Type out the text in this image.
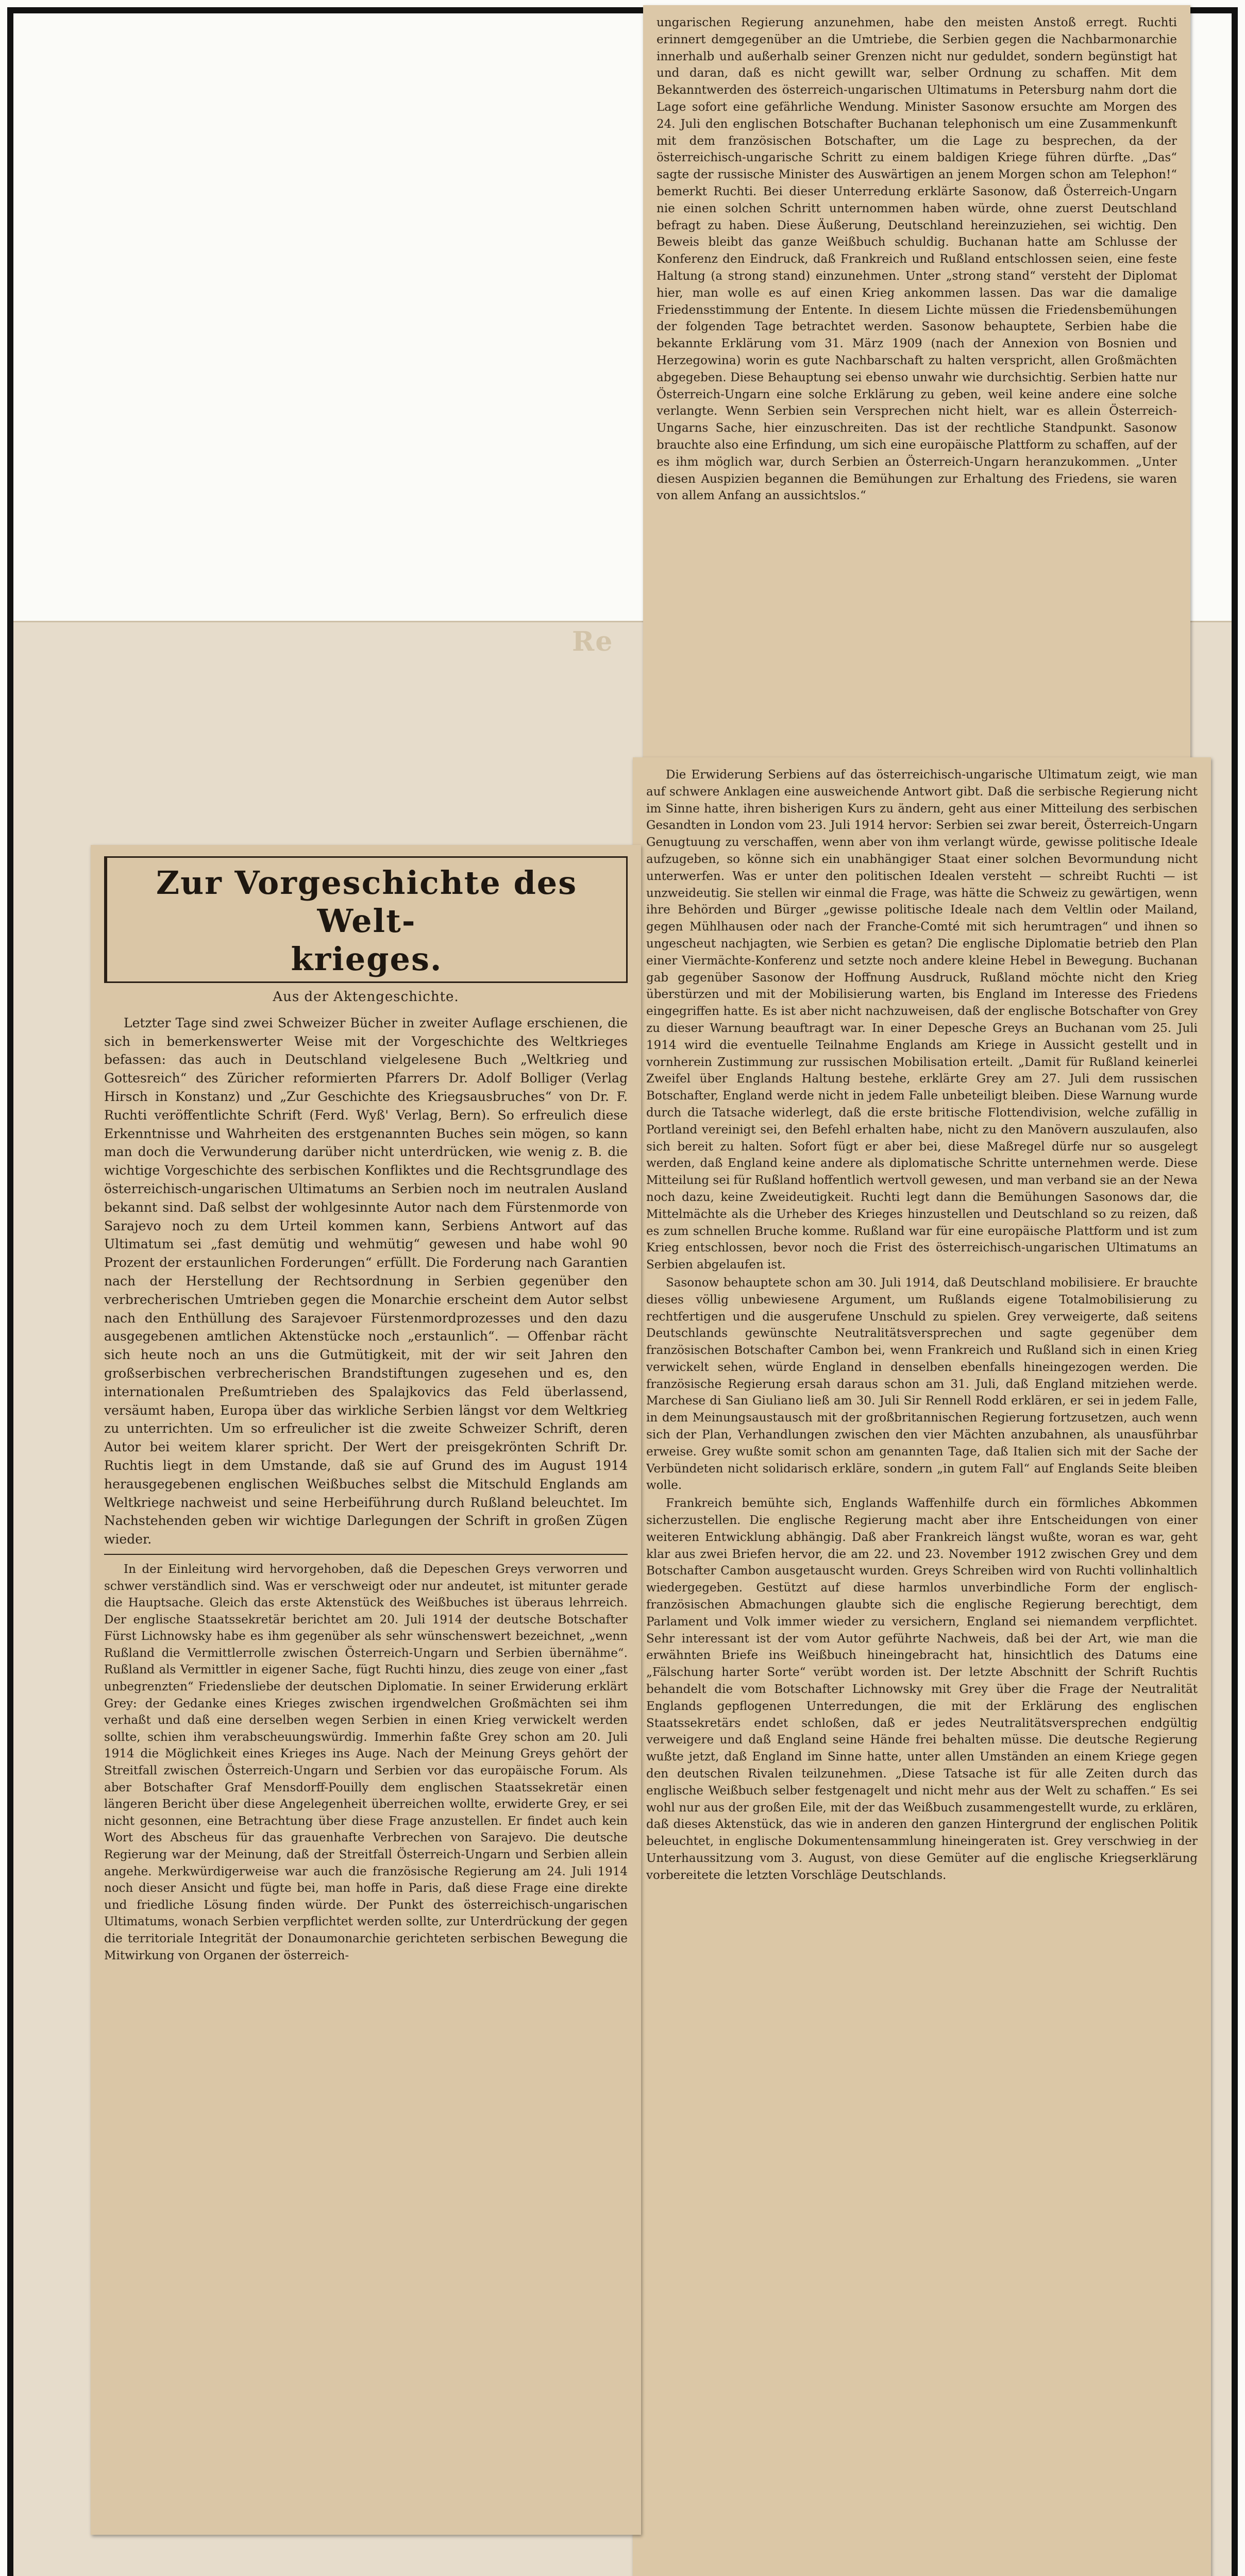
Re

ungarischen Regierung anzunehmen, habe den meisten Anstoß erregt. Ruchti erinnert demgegenüber an die Umtriebe, die Serbien gegen die Nachbarmonarchie innerhalb und außerhalb seiner Grenzen nicht nur geduldet, sondern begünstigt hat und daran, daß es nicht gewillt war, selber Ordnung zu schaffen. Mit dem Bekanntwerden des österreich-ungarischen Ultimatums in Petersburg nahm dort die Lage sofort eine gefährliche Wendung. Minister Sasonow ersuchte am Morgen des 24. Juli den englischen Botschafter Buchanan telephonisch um eine Zusammenkunft mit dem französischen Botschafter, um die Lage zu besprechen, da der österreichisch-ungarische Schritt zu einem baldigen Kriege führen dürfte. „Das“ sagte der russische Minister des Auswärtigen an jenem Morgen schon am Telephon!“ bemerkt Ruchti. Bei dieser Unterredung erklärte Sasonow, daß Österreich-Ungarn nie einen solchen Schritt unternommen haben würde, ohne zuerst Deutschland befragt zu haben. Diese Äußerung, Deutschland hereinzuziehen, sei wichtig. Den Beweis bleibt das ganze Weißbuch schuldig. Buchanan hatte am Schlusse der Konferenz den Eindruck, daß Frankreich und Rußland entschlossen seien, eine feste Haltung (a strong stand) einzunehmen. Unter „strong stand“ versteht der Diplomat hier, man wolle es auf einen Krieg ankommen lassen. Das war die damalige Friedensstimmung der Entente. In diesem Lichte müssen die Friedensbemühungen der folgenden Tage betrachtet werden. Sasonow behauptete, Serbien habe die bekannte Erklärung vom 31. März 1909 (nach der Annexion von Bosnien und Herzegowina) worin es gute Nachbarschaft zu halten verspricht, allen Großmächten abgegeben. Diese Behauptung sei ebenso unwahr wie durchsichtig. Serbien hatte nur Österreich-Ungarn eine solche Erklärung zu geben, weil keine andere eine solche verlangte. Wenn Serbien sein Versprechen nicht hielt, war es allein Österreich-Ungarns Sache, hier einzuschreiten. Das ist der rechtliche Standpunkt. Sasonow brauchte also eine Erfindung, um sich eine europäische Plattform zu schaffen, auf der es ihm möglich war, durch Serbien an Österreich-Ungarn heranzukommen. „Unter diesen Auspizien begannen die Bemühungen zur Erhaltung des Friedens, sie waren von allem Anfang an aussichtslos.“

Die Erwiderung Serbiens auf das österreichisch-ungarische Ultimatum zeigt, wie man auf schwere Anklagen eine ausweichende Antwort gibt. Daß die serbische Regierung nicht im Sinne hatte, ihren bisherigen Kurs zu ändern, geht aus einer Mitteilung des serbischen Gesandten in London vom 23. Juli 1914 hervor: Serbien sei zwar bereit, Österreich-Ungarn Genugtuung zu verschaffen, wenn aber von ihm verlangt würde, gewisse politische Ideale aufzugeben, so könne sich ein unabhängiger Staat einer solchen Bevormundung nicht unterwerfen. Was er unter den politischen Idealen versteht — schreibt Ruchti — ist unzweideutig. Sie stellen wir einmal die Frage, was hätte die Schweiz zu gewärtigen, wenn ihre Behörden und Bürger „gewisse politische Ideale nach dem Veltlin oder Mailand, gegen Mühlhausen oder nach der Franche-Comté mit sich herumtragen“ und ihnen so ungescheut nachjagten, wie Serbien es getan? Die englische Diplomatie betrieb den Plan einer Viermächte-Konferenz und setzte noch andere kleine Hebel in Bewegung. Buchanan gab gegenüber Sasonow der Hoffnung Ausdruck, Rußland möchte nicht den Krieg überstürzen und mit der Mobilisierung warten, bis England im Interesse des Friedens eingegriffen hatte. Es ist aber nicht nachzuweisen, daß der englische Botschafter von Grey zu dieser Warnung beauftragt war. In einer Depesche Greys an Buchanan vom 25. Juli 1914 wird die eventuelle Teilnahme Englands am Kriege in Aussicht gestellt und in vornherein Zustimmung zur russischen Mobilisation erteilt. „Damit für Rußland keinerlei Zweifel über Englands Haltung bestehe, erklärte Grey am 27. Juli dem russischen Botschafter, England werde nicht in jedem Falle unbeteiligt bleiben. Diese Warnung wurde durch die Tatsache widerlegt, daß die erste britische Flottendivision, welche zufällig in Portland vereinigt sei, den Befehl erhalten habe, nicht zu den Manövern auszulaufen, also sich bereit zu halten. Sofort fügt er aber bei, diese Maßregel dürfe nur so ausgelegt werden, daß England keine andere als diplomatische Schritte unternehmen werde. Diese Mitteilung sei für Rußland hoffentlich wertvoll gewesen, und man verband sie an der Newa noch dazu, keine Zweideutigkeit. Ruchti legt dann die Bemühungen Sasonows dar, die Mittelmächte als die Urheber des Krieges hinzustellen und Deutschland so zu reizen, daß es zum schnellen Bruche komme. Rußland war für eine europäische Plattform und ist zum Krieg entschlossen, bevor noch die Frist des österreichisch-ungarischen Ultimatums an Serbien abgelaufen ist.

Sasonow behauptete schon am 30. Juli 1914, daß Deutschland mobilisiere. Er brauchte dieses völlig unbewiesene Argument, um Rußlands eigene Totalmobilisierung zu rechtfertigen und die ausgerufene Unschuld zu spielen. Grey verweigerte, daß seitens Deutschlands gewünschte Neutralitätsversprechen und sagte gegenüber dem französischen Botschafter Cambon bei, wenn Frankreich und Rußland sich in einen Krieg verwickelt sehen, würde England in denselben ebenfalls hineingezogen werden. Die französische Regierung ersah daraus schon am 31. Juli, daß England mitziehen werde. Marchese di San Giuliano ließ am 30. Juli Sir Rennell Rodd erklären, er sei in jedem Falle, in dem Meinungsaustausch mit der großbritannischen Regierung fortzusetzen, auch wenn sich der Plan, Verhandlungen zwischen den vier Mächten anzubahnen, als unausführbar erweise. Grey wußte somit schon am genannten Tage, daß Italien sich mit der Sache der Verbündeten nicht solidarisch erkläre, sondern „in gutem Fall“ auf Englands Seite bleiben wolle.

Frankreich bemühte sich, Englands Waffenhilfe durch ein förmliches Abkommen sicherzustellen. Die englische Regierung macht aber ihre Entscheidungen von einer weiteren Entwicklung abhängig. Daß aber Frankreich längst wußte, woran es war, geht klar aus zwei Briefen hervor, die am 22. und 23. November 1912 zwischen Grey und dem Botschafter Cambon ausgetauscht wurden. Greys Schreiben wird von Ruchti vollinhaltlich wiedergegeben. Gestützt auf diese harmlos unverbindliche Form der englisch-französischen Abmachungen glaubte sich die englische Regierung berechtigt, dem Parlament und Volk immer wieder zu versichern, England sei niemandem verpflichtet. Sehr interessant ist der vom Autor geführte Nachweis, daß bei der Art, wie man die erwähnten Briefe ins Weißbuch hineingebracht hat, hinsichtlich des Datums eine „Fälschung harter Sorte“ verübt worden ist. Der letzte Abschnitt der Schrift Ruchtis behandelt die vom Botschafter Lichnowsky mit Grey über die Frage der Neutralität Englands gepflogenen Unterredungen, die mit der Erklärung des englischen Staatssekretärs endet schloßen, daß er jedes Neutralitätsversprechen endgültig verweigere und daß England seine Hände frei behalten müsse. Die deutsche Regierung wußte jetzt, daß England im Sinne hatte, unter allen Umständen an einem Kriege gegen den deutschen Rivalen teilzunehmen. „Diese Tatsache ist für alle Zeiten durch das englische Weißbuch selber festgenagelt und nicht mehr aus der Welt zu schaffen.“ Es sei wohl nur aus der großen Eile, mit der das Weißbuch zusammengestellt wurde, zu erklären, daß dieses Aktenstück, das wie in anderen den ganzen Hintergrund der englischen Politik beleuchtet, in englische Dokumentensammlung hineingeraten ist. Grey verschwieg in der Unterhaussitzung vom 3. August, von diese Gemüter auf die englische Kriegserklärung vorbereitete die letzten Vorschläge Deutschlands.

Zur Vorgeschichte des Welt-
krieges.
Aus der Aktengeschichte.

Letzter Tage sind zwei Schweizer Bücher in zweiter Auflage erschienen, die sich in bemerkenswerter Weise mit der Vorgeschichte des Weltkrieges befassen: das auch in Deutschland vielgelesene Buch „Weltkrieg und Gottesreich“ des Züricher reformierten Pfarrers Dr. Adolf Bolliger (Verlag Hirsch in Konstanz) und „Zur Geschichte des Kriegsausbruches“ von Dr. F. Ruchti veröffentlichte Schrift (Ferd. Wyß' Verlag, Bern). So erfreulich diese Erkenntnisse und Wahrheiten des erstgenannten Buches sein mögen, so kann man doch die Verwunderung darüber nicht unterdrücken, wie wenig z. B. die wichtige Vorgeschichte des serbischen Konfliktes und die Rechtsgrundlage des österreichisch-ungarischen Ultimatums an Serbien noch im neutralen Ausland bekannt sind. Daß selbst der wohlgesinnte Autor nach dem Fürstenmorde von Sarajevo noch zu dem Urteil kommen kann, Serbiens Antwort auf das Ultimatum sei „fast demütig und wehmütig“ gewesen und habe wohl 90 Prozent der erstaunlichen Forderungen“ erfüllt. Die Forderung nach Garantien nach der Herstellung der Rechtsordnung in Serbien gegenüber den verbrecherischen Umtrieben gegen die Monarchie erscheint dem Autor selbst nach den Enthüllung des Sarajevoer Fürstenmordprozesses und den dazu ausgegebenen amtlichen Aktenstücke noch „erstaunlich“. — Offenbar rächt sich heute noch an uns die Gutmütigkeit, mit der wir seit Jahren den großserbischen verbrecherischen Brandstiftungen zugesehen und es, den internationalen Preßumtrieben des Spalajkovics das Feld überlassend, versäumt haben, Europa über das wirkliche Serbien längst vor dem Weltkrieg zu unterrichten. Um so erfreulicher ist die zweite Schweizer Schrift, deren Autor bei weitem klarer spricht. Der Wert der preisgekrönten Schrift Dr. Ruchtis liegt in dem Umstande, daß sie auf Grund des im August 1914 herausgegebenen englischen Weißbuches selbst die Mitschuld Englands am Weltkriege nachweist und seine Herbeiführung durch Rußland beleuchtet. Im Nachstehenden geben wir wichtige Darlegungen der Schrift in großen Zügen wieder.

In der Einleitung wird hervorgehoben, daß die Depeschen Greys verworren und schwer verständlich sind. Was er verschweigt oder nur andeutet, ist mitunter gerade die Hauptsache. Gleich das erste Aktenstück des Weißbuches ist überaus lehrreich. Der englische Staatssekretär berichtet am 20. Juli 1914 der deutsche Botschafter Fürst Lichnowsky habe es ihm gegenüber als sehr wünschenswert bezeichnet, „wenn Rußland die Vermittlerrolle zwischen Österreich-Ungarn und Serbien übernähme“. Rußland als Vermittler in eigener Sache, fügt Ruchti hinzu, dies zeuge von einer „fast unbegrenzten“ Friedensliebe der deutschen Diplomatie. In seiner Erwiderung erklärt Grey: der Gedanke eines Krieges zwischen irgendwelchen Großmächten sei ihm verhaßt und daß eine derselben wegen Serbien in einen Krieg verwickelt werden sollte, schien ihm verabscheuungswürdig. Immerhin faßte Grey schon am 20. Juli 1914 die Möglichkeit eines Krieges ins Auge. Nach der Meinung Greys gehört der Streitfall zwischen Österreich-Ungarn und Serbien vor das europäische Forum. Als aber Botschafter Graf Mensdorff-Pouilly dem englischen Staatssekretär einen längeren Bericht über diese Angelegenheit überreichen wollte, erwiderte Grey, er sei nicht gesonnen, eine Betrachtung über diese Frage anzustellen. Er findet auch kein Wort des Abscheus für das grauenhafte Verbrechen von Sarajevo. Die deutsche Regierung war der Meinung, daß der Streitfall Österreich-Ungarn und Serbien allein angehe. Merkwürdigerweise war auch die französische Regierung am 24. Juli 1914 noch dieser Ansicht und fügte bei, man hoffe in Paris, daß diese Frage eine direkte und friedliche Lösung finden würde. Der Punkt des österreichisch-ungarischen Ultimatums, wonach Serbien verpflichtet werden sollte, zur Unterdrückung der gegen die territoriale Integrität der Donaumonarchie gerichteten serbischen Bewegung die Mitwirkung von Organen der österreich-
